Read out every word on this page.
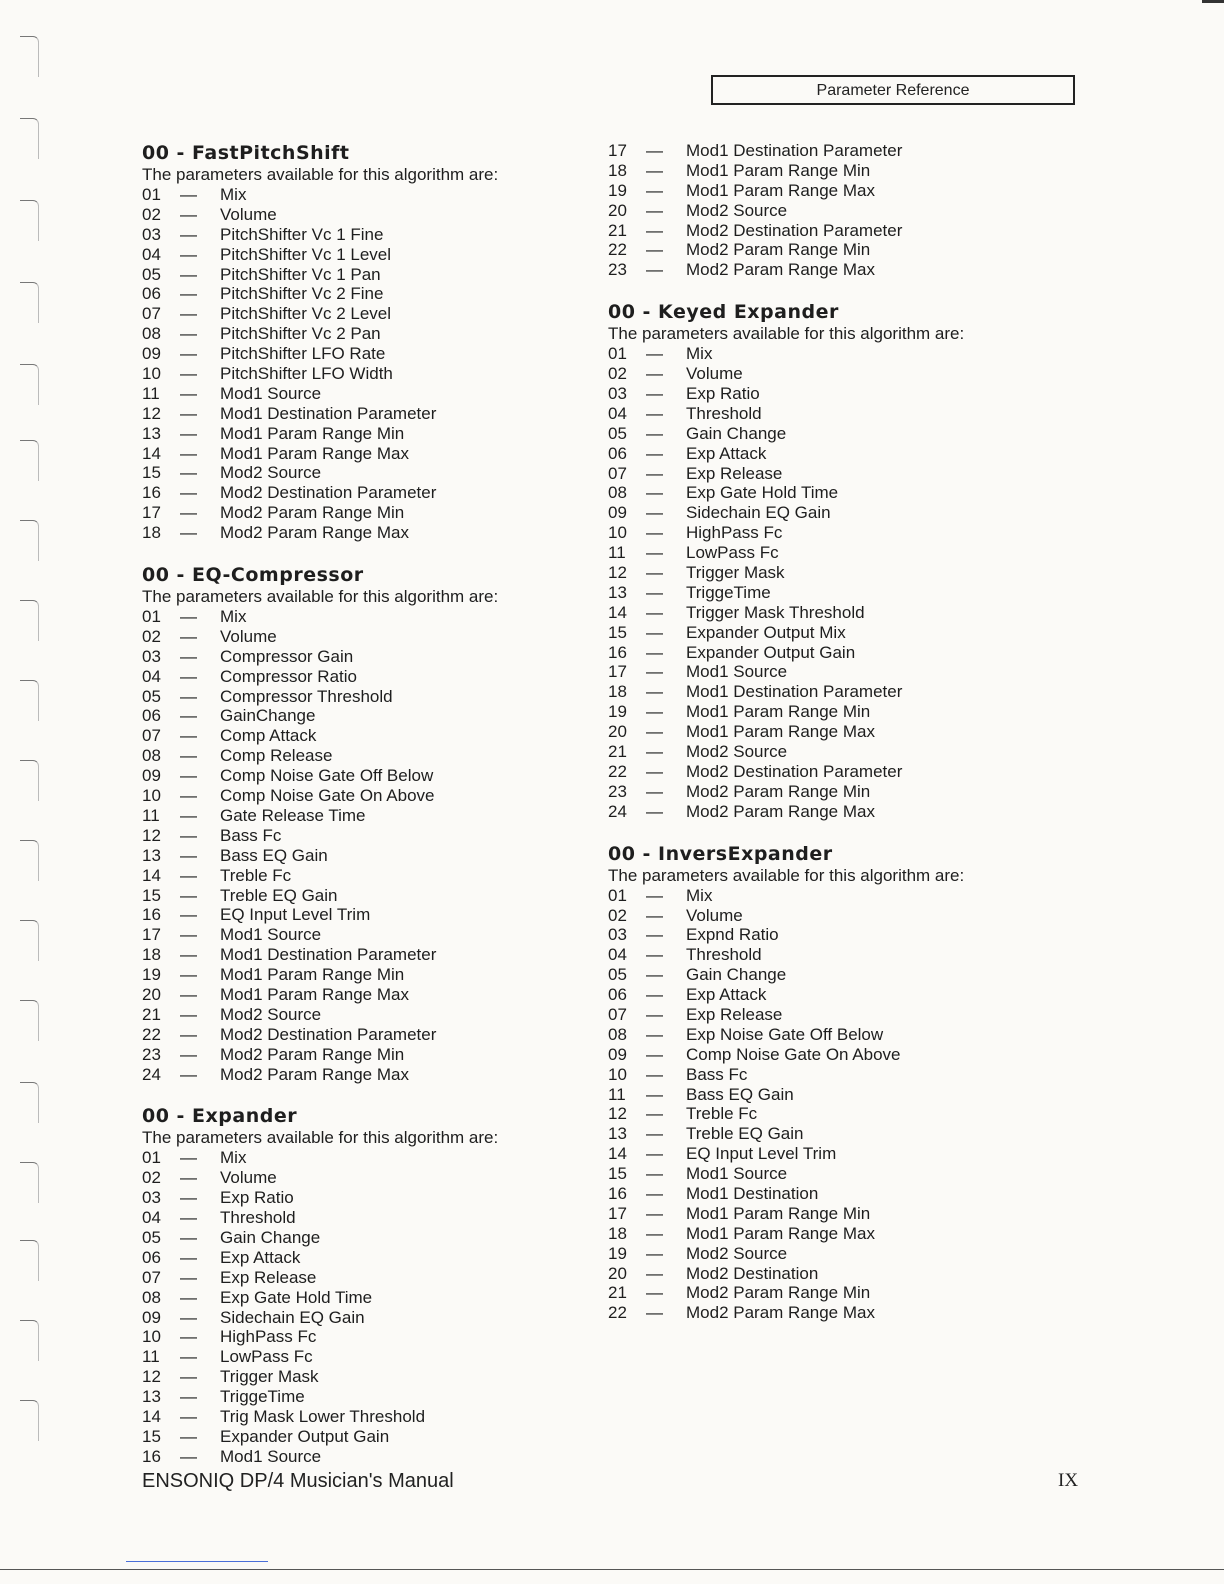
Parameter Reference
00 - FastPitchShift
The parameters available for this algorithm are:
01 — Mix
02 — Volume
03 — PitchShifter Vc 1 Fine
04 — PitchShifter Vc 1 Level
05 — PitchShifter Vc 1 Pan
06 — PitchShifter Vc 2 Fine
07 — PitchShifter Vc 2 Level
08 — PitchShifter Vc 2 Pan
09 — PitchShifter LFO Rate
10 — PitchShifter LFO Width
11 — Mod1 Source
12 — Mod1 Destination Parameter
13 — Mod1 Param Range Min
14 — Mod1 Param Range Max
15 — Mod2 Source
16 — Mod2 Destination Parameter
17 — Mod2 Param Range Min
18 — Mod2 Param Range Max
00 - EQ-Compressor
The parameters available for this algorithm are:
01 — Mix
02 — Volume
03 — Compressor Gain
04 — Compressor Ratio
05 — Compressor Threshold
06 — GainChange
07 — Comp Attack
08 — Comp Release
09 — Comp Noise Gate Off Below
10 — Comp Noise Gate On Above
11 — Gate Release Time
12 — Bass Fc
13 — Bass EQ Gain
14 — Treble Fc
15 — Treble EQ Gain
16 — EQ Input Level Trim
17 — Mod1 Source
18 — Mod1 Destination Parameter
19 — Mod1 Param Range Min
20 — Mod1 Param Range Max
21 — Mod2 Source
22 — Mod2 Destination Parameter
23 — Mod2 Param Range Min
24 — Mod2 Param Range Max
00 - Expander
The parameters available for this algorithm are:
01 — Mix
02 — Volume
03 — Exp Ratio
04 — Threshold
05 — Gain Change
06 — Exp Attack
07 — Exp Release
08 — Exp Gate Hold Time
09 — Sidechain EQ Gain
10 — HighPass Fc
11 — LowPass Fc
12 — Trigger Mask
13 — TriggeTime
14 — Trig Mask Lower Threshold
15 — Expander Output Gain
16 — Mod1 Source
17 — Mod1 Destination Parameter
18 — Mod1 Param Range Min
19 — Mod1 Param Range Max
20 — Mod2 Source
21 — Mod2 Destination Parameter
22 — Mod2 Param Range Min
23 — Mod2 Param Range Max
00 - Keyed Expander
The parameters available for this algorithm are:
01 — Mix
02 — Volume
03 — Exp Ratio
04 — Threshold
05 — Gain Change
06 — Exp Attack
07 — Exp Release
08 — Exp Gate Hold Time
09 — Sidechain EQ Gain
10 — HighPass Fc
11 — LowPass Fc
12 — Trigger Mask
13 — TriggeTime
14 — Trigger Mask Threshold
15 — Expander Output Mix
16 — Expander Output Gain
17 — Mod1 Source
18 — Mod1 Destination Parameter
19 — Mod1 Param Range Min
20 — Mod1 Param Range Max
21 — Mod2 Source
22 — Mod2 Destination Parameter
23 — Mod2 Param Range Min
24 — Mod2 Param Range Max
00 - InversExpander
The parameters available for this algorithm are:
01 — Mix
02 — Volume
03 — Expnd Ratio
04 — Threshold
05 — Gain Change
06 — Exp Attack
07 — Exp Release
08 — Exp Noise Gate Off Below
09 — Comp Noise Gate On Above
10 — Bass Fc
11 — Bass EQ Gain
12 — Treble Fc
13 — Treble EQ Gain
14 — EQ Input Level Trim
15 — Mod1 Source
16 — Mod1 Destination
17 — Mod1 Param Range Min
18 — Mod1 Param Range Max
19 — Mod2 Source
20 — Mod2 Destination
21 — Mod2 Param Range Min
22 — Mod2 Param Range Max
ENSONIQ DP/4 Musician's Manual	IX
